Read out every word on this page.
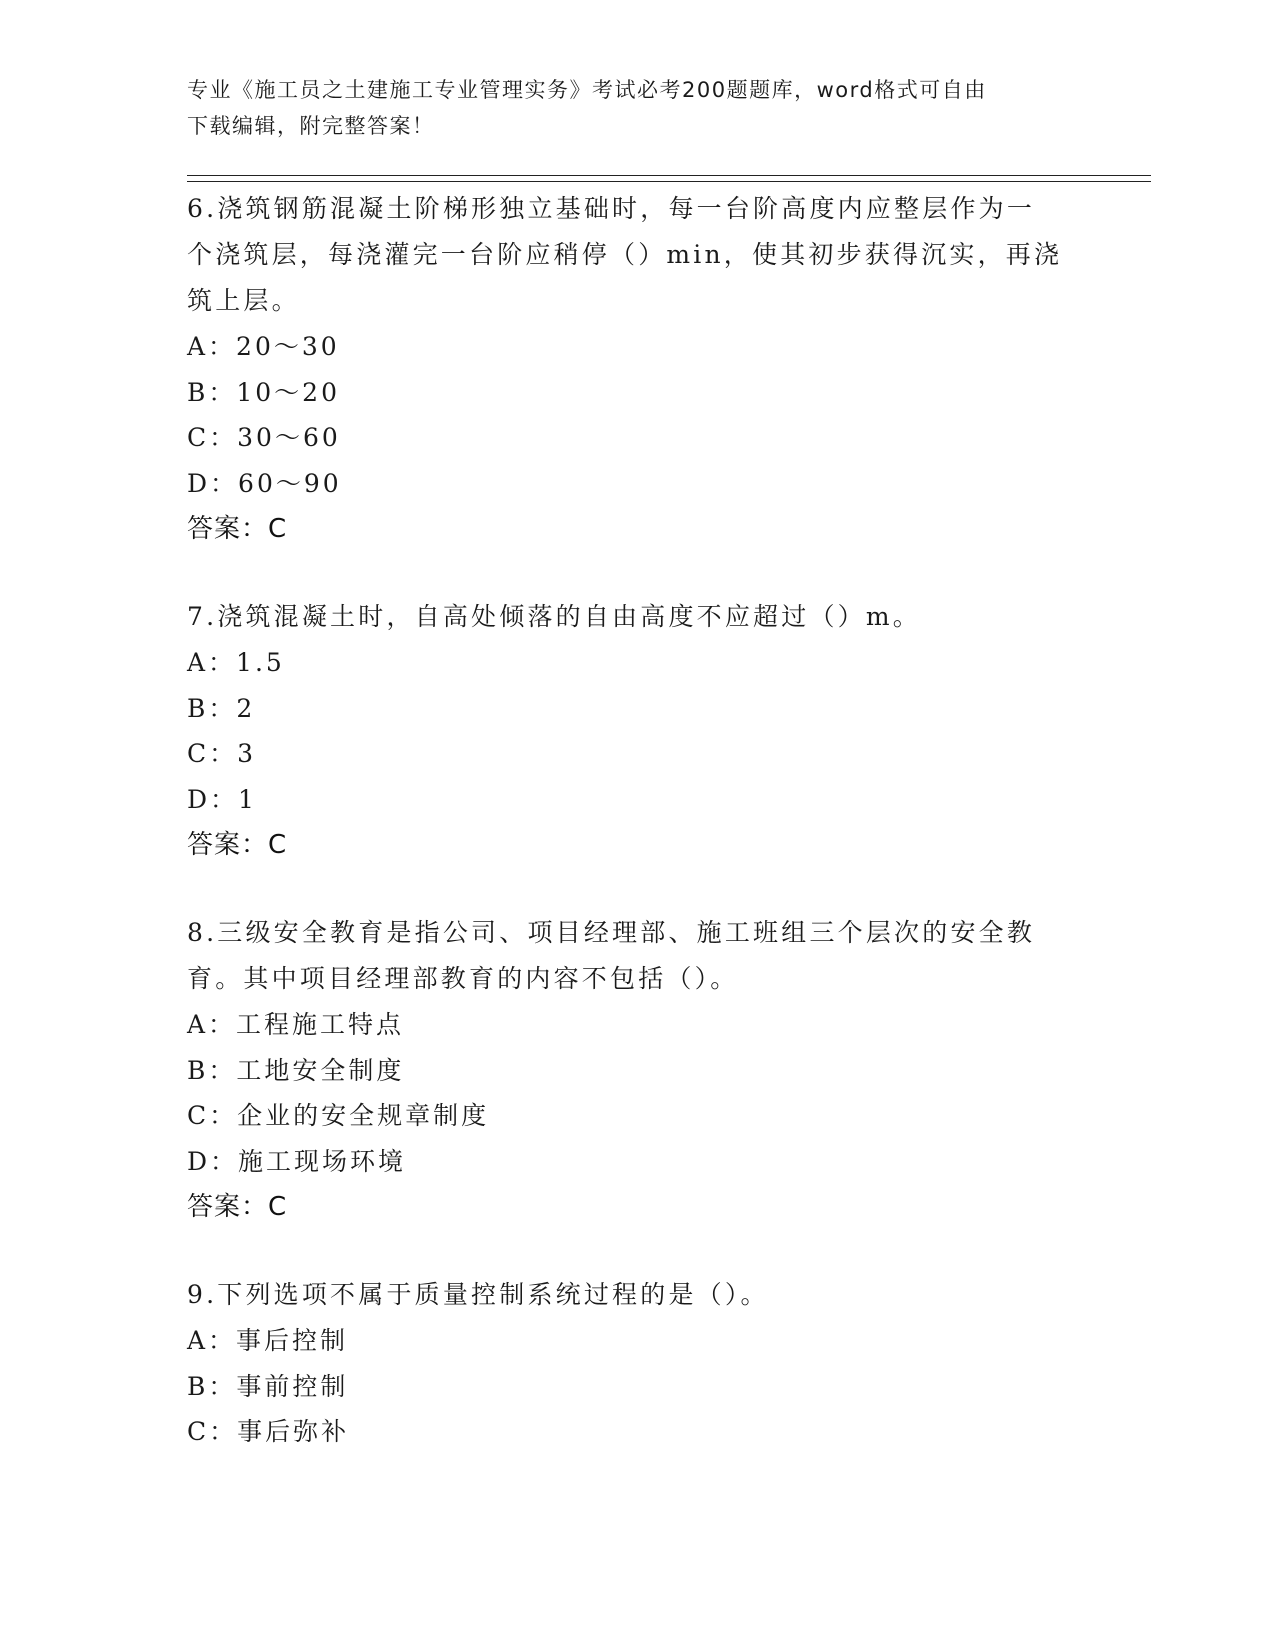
专业《施工员之土建施工专业管理实务》考试必考200题题库，word格式可自由
下载编辑，附完整答案！
6.浇筑钢筋混凝土阶梯形独立基础时，每一台阶高度内应整层作为一
个浇筑层，每浇灌完一台阶应稍停（）min，使其初步获得沉实，再浇
筑上层。
A：20～30
B：10～20
C：30～60
D：60～90
答案：C
7.浇筑混凝土时，自高处倾落的自由高度不应超过（）m。
A：1.5
B：2
C：3
D：1
答案：C
8.三级安全教育是指公司、项目经理部、施工班组三个层次的安全教
育。其中项目经理部教育的内容不包括（）。
A：工程施工特点
B：工地安全制度
C：企业的安全规章制度
D：施工现场环境
答案：C
9.下列选项不属于质量控制系统过程的是（）。
A：事后控制
B：事前控制
C：事后弥补
